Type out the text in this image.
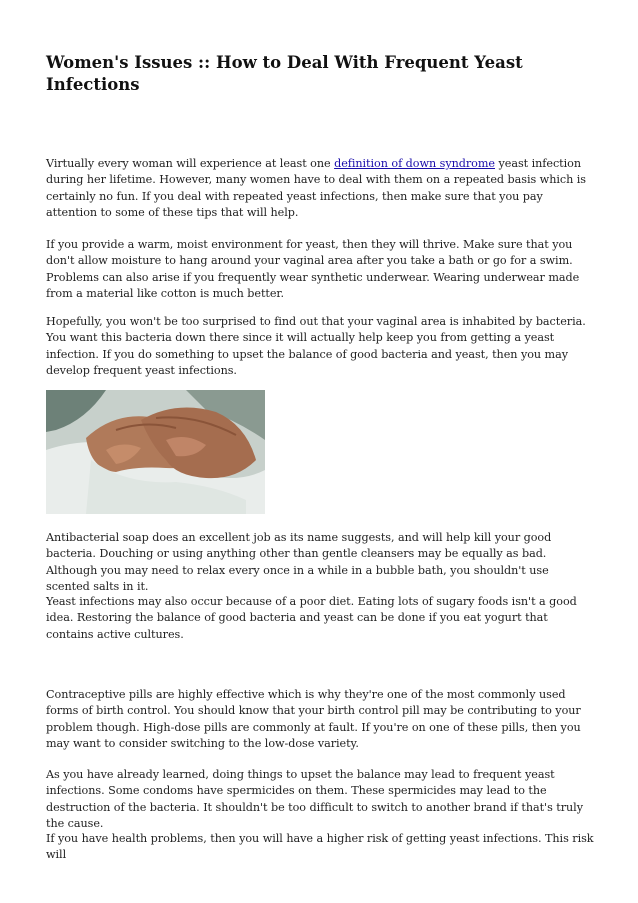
Women's Issues :: How to Deal With Frequent Yeast Infections

Virtually every woman will experience at least one definition of down syndrome yeast infection during her lifetime. However, many women have to deal with them on a repeated basis which is certainly no fun. If you deal with repeated yeast infections, then make sure that you pay attention to some of these tips that will help.

If you provide a warm, moist environment for yeast, then they will thrive. Make sure that you don't allow moisture to hang around your vaginal area after you take a bath or go for a swim. Problems can also arise if you frequently wear synthetic underwear. Wearing underwear made from a material like cotton is much better.

Hopefully, you won't be too surprised to find out that your vaginal area is inhabited by bacteria. You want this bacteria down there since it will actually help keep you from getting a yeast infection. If you do something to upset the balance of good bacteria and yeast, then you may develop frequent yeast infections.

Antibacterial soap does an excellent job as its name suggests, and will help kill your good bacteria. Douching or using anything other than gentle cleansers may be equally as bad. Although you may need to relax every once in a while in a bubble bath, you shouldn't use scented salts in it.

Yeast infections may also occur because of a poor diet. Eating lots of sugary foods isn't a good idea. Restoring the balance of good bacteria and yeast can be done if you eat yogurt that contains active cultures.

Contraceptive pills are highly effective which is why they're one of the most commonly used forms of birth control. You should know that your birth control pill may be contributing to your problem though. High-dose pills are commonly at fault. If you're on one of these pills, then you may want to consider switching to the low-dose variety.

As you have already learned, doing things to upset the balance may lead to frequent yeast infections. Some condoms have spermicides on them. These spermicides may lead to the destruction of the bacteria. It shouldn't be too difficult to switch to another brand if that's truly the cause.

If you have health problems, then you will have a higher risk of getting yeast infections. This risk will
